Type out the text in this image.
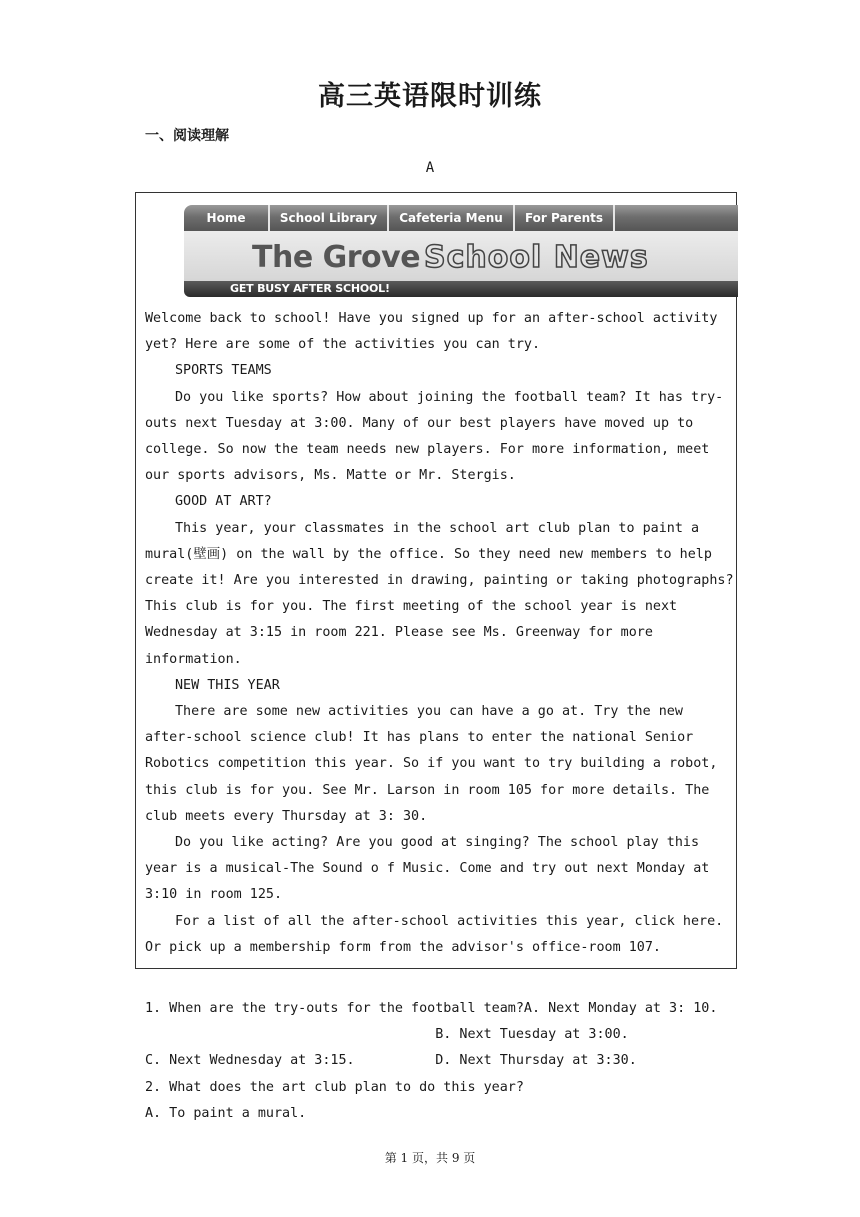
高三英语限时训练
一、阅读理解
A
Home	School Library	Cafeteria Menu	For Parents
The Grove School News
GET BUSY AFTER SCHOOL!

Welcome back to school! Have you signed up for an after-school activity yet? Here are some of the activities you can try.

SPORTS TEAMS

Do you like sports? How about joining the football team? It has try-outs next Tuesday at 3:00. Many of our best players have moved up to college. So now the team needs new players. For more information, meet our sports advisors, Ms. Matte or Mr. Stergis.

GOOD AT ART?

This year, your classmates in the school art club plan to paint a mural(壁画) on the wall by the office. So they need new members to help create it! Are you interested in drawing, painting or taking photographs? This club is for you. The first meeting of the school year is next Wednesday at 3:15 in room 221. Please see Ms. Greenway for more information.

NEW THIS YEAR

There are some new activities you can have a go at. Try the new after-school science club! It has plans to enter the national Senior Robotics competition this year. So if you want to try building a robot, this club is for you. See Mr. Larson in room 105 for more details. The club meets every Thursday at 3: 30.

Do you like acting? Are you good at singing? The school play this year is a musical-The Sound o f Music. Come and try out next Monday at 3:10 in room 125.

For a list of all the after-school activities this year, click here. Or pick up a membership form from the advisor's office-room 107.

1. When are the try-outs for the football team?A. Next Monday at 3: 10.

B. Next Tuesday at 3:00.

C. Next Wednesday at 3:15.          D. Next Thursday at 3:30.

2. What does the art club plan to do this year?

A. To paint a mural.

第 1 页，共 9 页
